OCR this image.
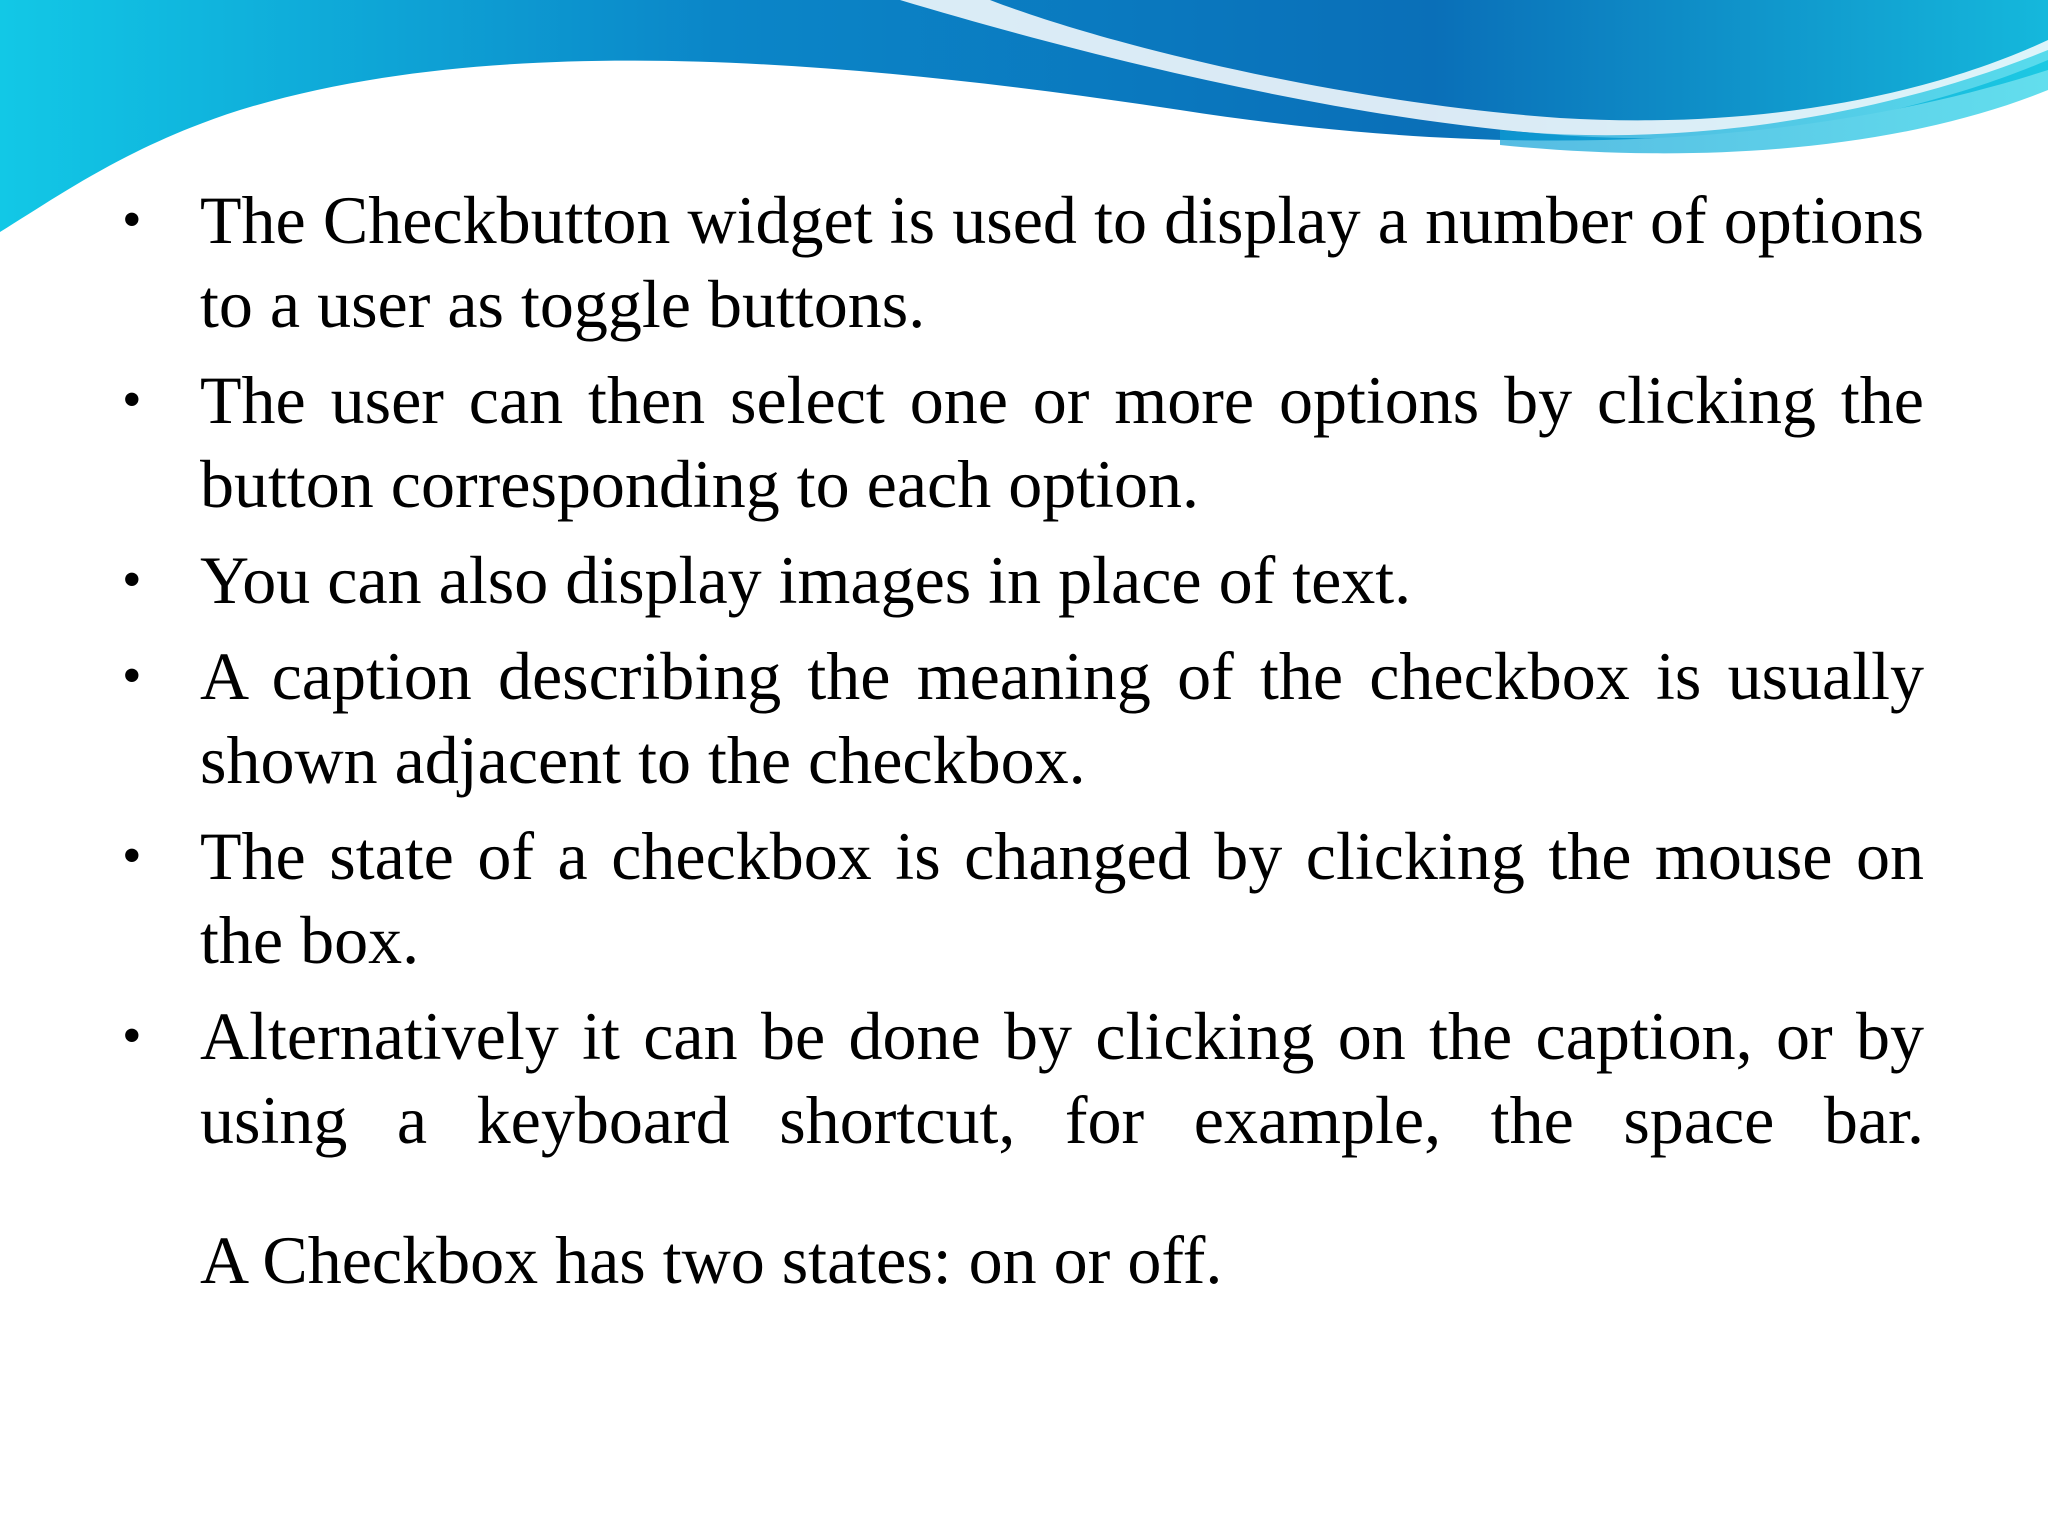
• The Checkbutton widget is used to display a number of options to a user as toggle buttons.
• The user can then select one or more options by clicking the button corresponding to each option.
• You can also display images in place of text.
• A caption describing the meaning of the checkbox is usually shown adjacent to the checkbox.
• The state of a checkbox is changed by clicking the mouse on the box.
• Alternatively it can be done by clicking on the caption, or by using a keyboard shortcut, for example, the space bar.
A Checkbox has two states: on or off.
